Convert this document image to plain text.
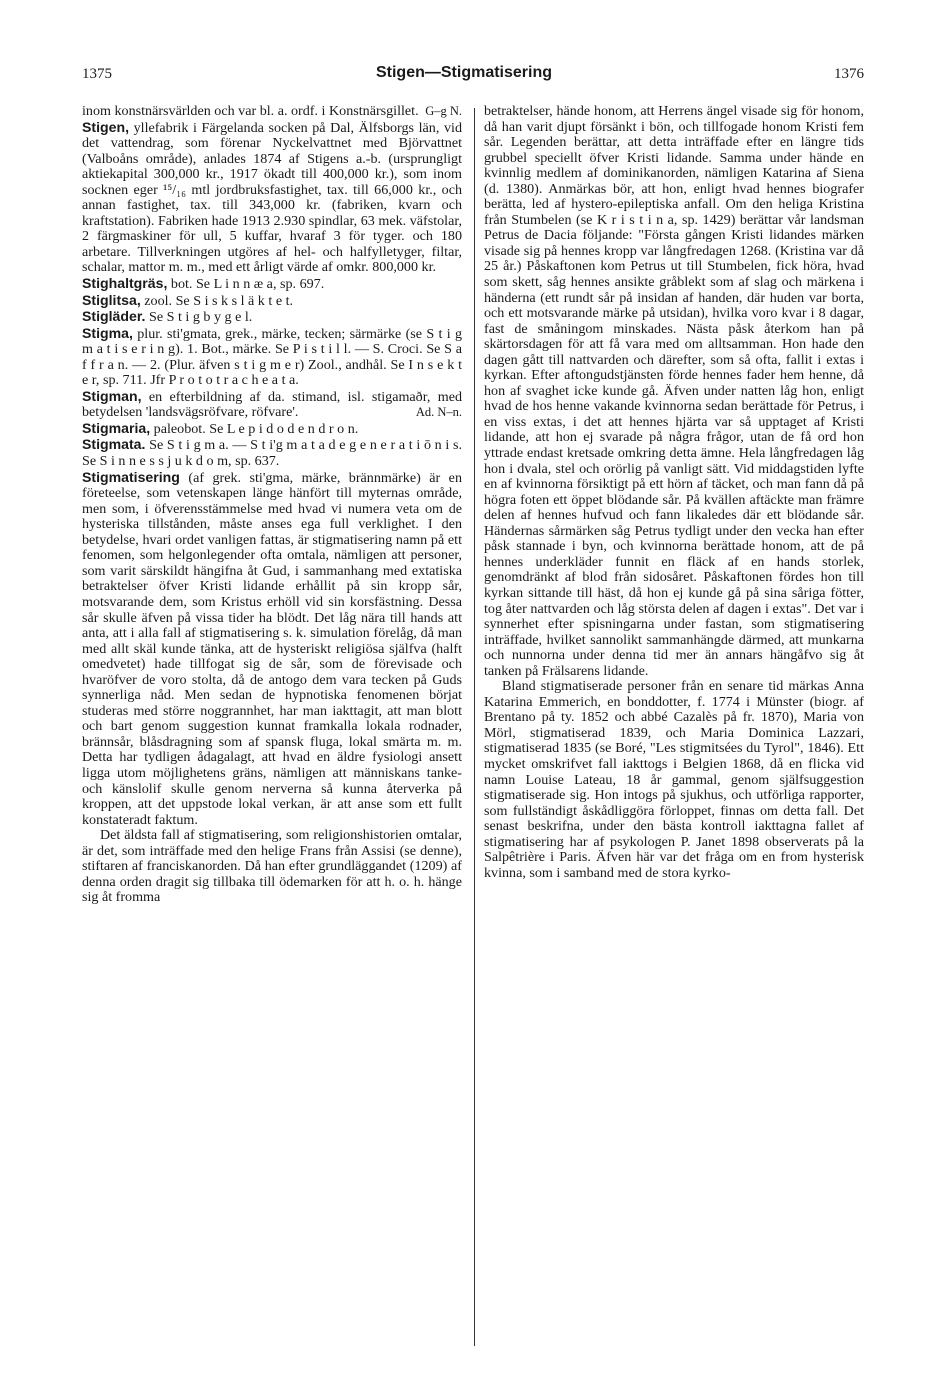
1375	Stigen—Stigmatisering	1376

inom konstnärsvärlden och var bl. a. ordf. i Konstnärsgillet. G–g N.

Stigen, yllefabrik i Färgelanda socken på Dal, Älfsborgs län, vid det vattendrag, som förenar Nyckelvattnet med Björvattnet (Valboåns område), anlades 1874 af Stigens a.-b. (ursprungligt aktiekapital 300,000 kr., 1917 ökadt till 400,000 kr.), som inom socknen eger ¹⁵/₁₆ mtl jordbruksfastighet, tax. till 66,000 kr., och annan fastighet, tax. till 343,000 kr. (fabriken, kvarn och kraftstation). Fabriken hade 1913 2.930 spindlar, 63 mek. väfstolar, 2 färgmaskiner för ull, 5 kuffar, hvaraf 3 för tyger. och 180 arbetare. Tillverkningen utgöres af hel- och halfylletyger, filtar, schalar, mattor m. m., med ett årligt värde af omkr. 800,000 kr.

Stighaltgräs, bot. Se L i n n æ a, sp. 697.

Stiglitsa, zool. Se S i s k s l ä k t e t.

Stigläder. Se S t i g b y g e l.

Stigma, plur. sti'gmata, grek., märke, tecken; särmärke (se S t i g m a t i s e r i n g). 1. Bot., märke. Se P i s t i l l. — S. Croci. Se S a f f r a n. — 2. (Plur. äfven s t i g m e r) Zool., andhål. Se I n s e k t e r, sp. 711. Jfr P r o t o t r a c h e a t a.

Stigman, en efterbildning af da. stimand, isl. stigamaðr, med betydelsen 'landsvägsröfvare, röfvare'.	Ad. N–n.

Stigmaria, paleobot. Se L e p i d o d e n d r o n.

Stigmata. Se S t i g m a. — S t i'g m a t a d e g e n e r a t i ō n i s. Se S i n n e s s j u k d o m, sp. 637.

Stigmatisering (af grek. sti'gma, märke, brännmärke) är en företeelse, som vetenskapen länge hänfört till myternas område, men som, i öfverensstämmelse med hvad vi numera veta om de hysteriska tillstånden, måste anses ega full verklighet. I den betydelse, hvari ordet vanligen fattas, är stigmatisering namn på ett fenomen, som helgonlegender ofta omtala, nämligen att personer, som varit särskildt hängifna åt Gud, i sammanhang med extatiska betraktelser öfver Kristi lidande erhållit på sin kropp sår, motsvarande dem, som Kristus erhöll vid sin korsfästning. Dessa sår skulle äfven på vissa tider ha blödt. Det låg nära till hands att anta, att i alla fall af stigmatisering s. k. simulation förelåg, då man med allt skäl kunde tänka, att de hysteriskt religiösa själfva (halft omedvetet) hade tillfogat sig de sår, som de förevisade och hvaröfver de voro stolta, då de antogo dem vara tecken på Guds synnerliga nåd. Men sedan de hypnotiska fenomenen börjat studeras med större noggrannhet, har man iakttagit, att man blott och bart genom suggestion kunnat framkalla lokala rodnader, brännsår, blåsdragning som af spansk fluga, lokal smärta m. m. Detta har tydligen ådagalagt, att hvad en äldre fysiologi ansett ligga utom möjlighetens gräns, nämligen att människans tanke- och känslolif skulle genom nerverna så kunna återverka på kroppen, att det uppstode lokal verkan, är att anse som ett fullt konstateradt faktum.

Det äldsta fall af stigmatisering, som religionshistorien omtalar, är det, som inträffade med den helige Frans från Assisi (se denne), stiftaren af franciskanorden. Då han efter grundläggandet (1209) af denna orden dragit sig tillbaka till ödemarken för att h. o. h. hänge sig åt fromma

betraktelser, hände honom, att Herrens ängel visade sig för honom, då han varit djupt försänkt i bön, och tillfogade honom Kristi fem sår. Legenden berättar, att detta inträffade efter en längre tids grubbel speciellt öfver Kristi lidande. Samma under hände en kvinnlig medlem af dominikanorden, nämligen Katarina af Siena (d. 1380). Anmärkas bör, att hon, enligt hvad hennes biografer berätta, led af hystero-epileptiska anfall. Om den heliga Kristina från Stumbelen (se K r i s t i n a, sp. 1429) berättar vår landsman Petrus de Dacia följande: "Första gången Kristi lidandes märken visade sig på hennes kropp var långfredagen 1268. (Kristina var då 25 år.) Påskaftonen kom Petrus ut till Stumbelen, fick höra, hvad som skett, såg hennes ansikte gråblekt som af slag och märkena i händerna (ett rundt sår på insidan af handen, där huden var borta, och ett motsvarande märke på utsidan), hvilka voro kvar i 8 dagar, fast de småningom minskades. Nästa påsk återkom han på skärtorsdagen för att få vara med om alltsamman. Hon hade den dagen gått till nattvarden och därefter, som så ofta, fallit i extas i kyrkan. Efter aftongudstjänsten förde hennes fader hem henne, då hon af svaghet icke kunde gå. Äfven under natten låg hon, enligt hvad de hos henne vakande kvinnorna sedan berättade för Petrus, i en viss extas, i det att hennes hjärta var så upptaget af Kristi lidande, att hon ej svarade på några frågor, utan de få ord hon yttrade endast kretsade omkring detta ämne. Hela långfredagen låg hon i dvala, stel och orörlig på vanligt sätt. Vid middagstiden lyfte en af kvinnorna försiktigt på ett hörn af täcket, och man fann då på högra foten ett öppet blödande sår. På kvällen aftäckte man främre delen af hennes hufvud och fann likaledes där ett blödande sår. Händernas sårmärken såg Petrus tydligt under den vecka han efter påsk stannade i byn, och kvinnorna berättade honom, att de på hennes underkläder funnit en fläck af en hands storlek, genomdränkt af blod från sidosåret. Påskaftonen fördes hon till kyrkan sittande till häst, då hon ej kunde gå på sina såriga fötter, tog åter nattvarden och låg största delen af dagen i extas". Det var i synnerhet efter spisningarna under fastan, som stigmatisering inträffade, hvilket sannolikt sammanhängde därmed, att munkarna och nunnorna under denna tid mer än annars hängåfvo sig åt tanken på Frälsarens lidande.

Bland stigmatiserade personer från en senare tid märkas Anna Katarina Emmerich, en bonddotter, f. 1774 i Münster (biogr. af Brentano på ty. 1852 och abbé Cazalès på fr. 1870), Maria von Mörl, stigmatiserad 1839, och Maria Dominica Lazzari, stigmatiserad 1835 (se Boré, "Les stigmitsées du Tyrol", 1846). Ett mycket omskrifvet fall iakttogs i Belgien 1868, då en flicka vid namn Louise Lateau, 18 år gammal, genom själfsuggestion stigmatiserade sig. Hon intogs på sjukhus, och utförliga rapporter, som fullständigt åskådliggöra förloppet, finnas om detta fall. Det senast beskrifna, under den bästa kontroll iakttagna fallet af stigmatisering har af psykologen P. Janet 1898 observerats på la Salpêtrière i Paris. Äfven här var det fråga om en from hysterisk kvinna, som i samband med de stora kyrko-
